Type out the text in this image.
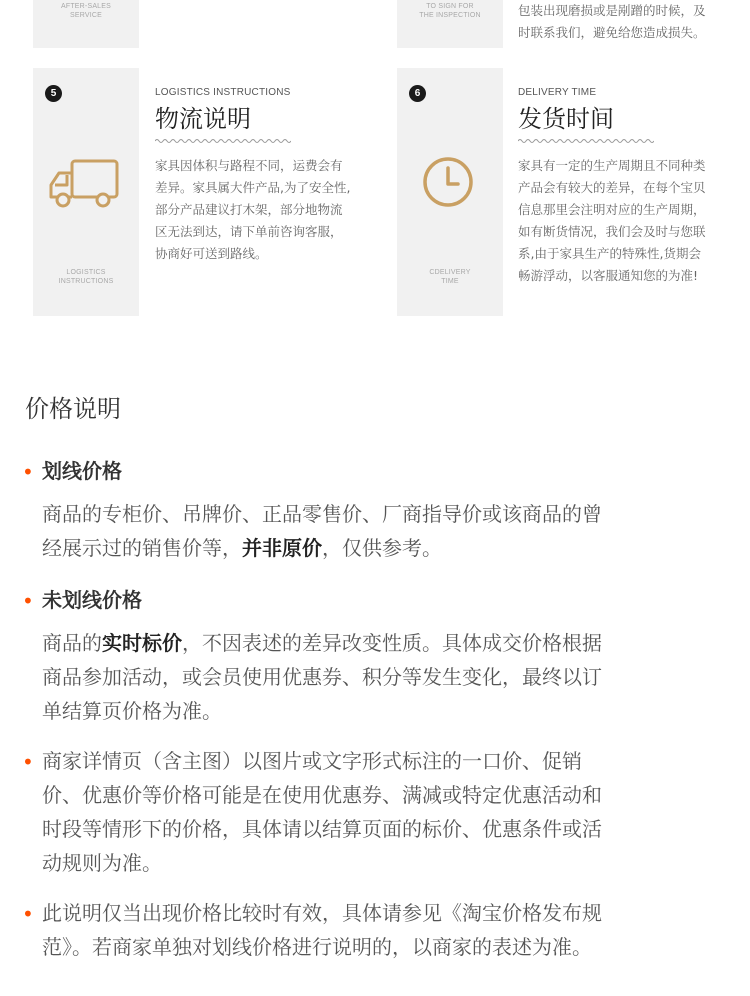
AFTER-SALES
SERVICE
TO SIGN FOR
THE INSPECTION	包装出现磨损或是剐蹭的时候，及

时联系我们，避免给您造成损失。

LOGISTICS
INSTRUCTIONS
5	LOGISTICS INSTRUCTIONS
物流说明

家具因体积与路程不同，运费会有

差异。家具属大件产品,为了安全性,

部分产品建议打木架，部分地物流

区无法到达，请下单前咨询客服，

协商好可送到路线。

CDELIVERY
TIME
6	DELIVERY TIME
发货时间

家具有一定的生产周期且不同种类

产品会有较大的差异，在每个宝贝

信息那里会注明对应的生产周期，

如有断货情况，我们会及时与您联

系,由于家具生产的特殊性,货期会

畅游浮动，以客服通知您的为准!

价格说明
• 划线价格

商品的专柜价、吊牌价、正品零售价、厂商指导价或该商品的曾

经展示过的销售价等，并非原价，仅供参考。

• 未划线价格

商品的实时标价，不因表述的差异改变性质。具体成交价格根据

商品参加活动，或会员使用优惠券、积分等发生变化，最终以订

单结算页价格为准。

• 商家详情页（含主图）以图片或文字形式标注的一口价、促销

价、优惠价等价格可能是在使用优惠券、满减或特定优惠活动和

时段等情形下的价格，具体请以结算页面的标价、优惠条件或活

动规则为准。

• 此说明仅当出现价格比较时有效，具体请参见《淘宝价格发布规

范》。若商家单独对划线价格进行说明的，以商家的表述为准。
